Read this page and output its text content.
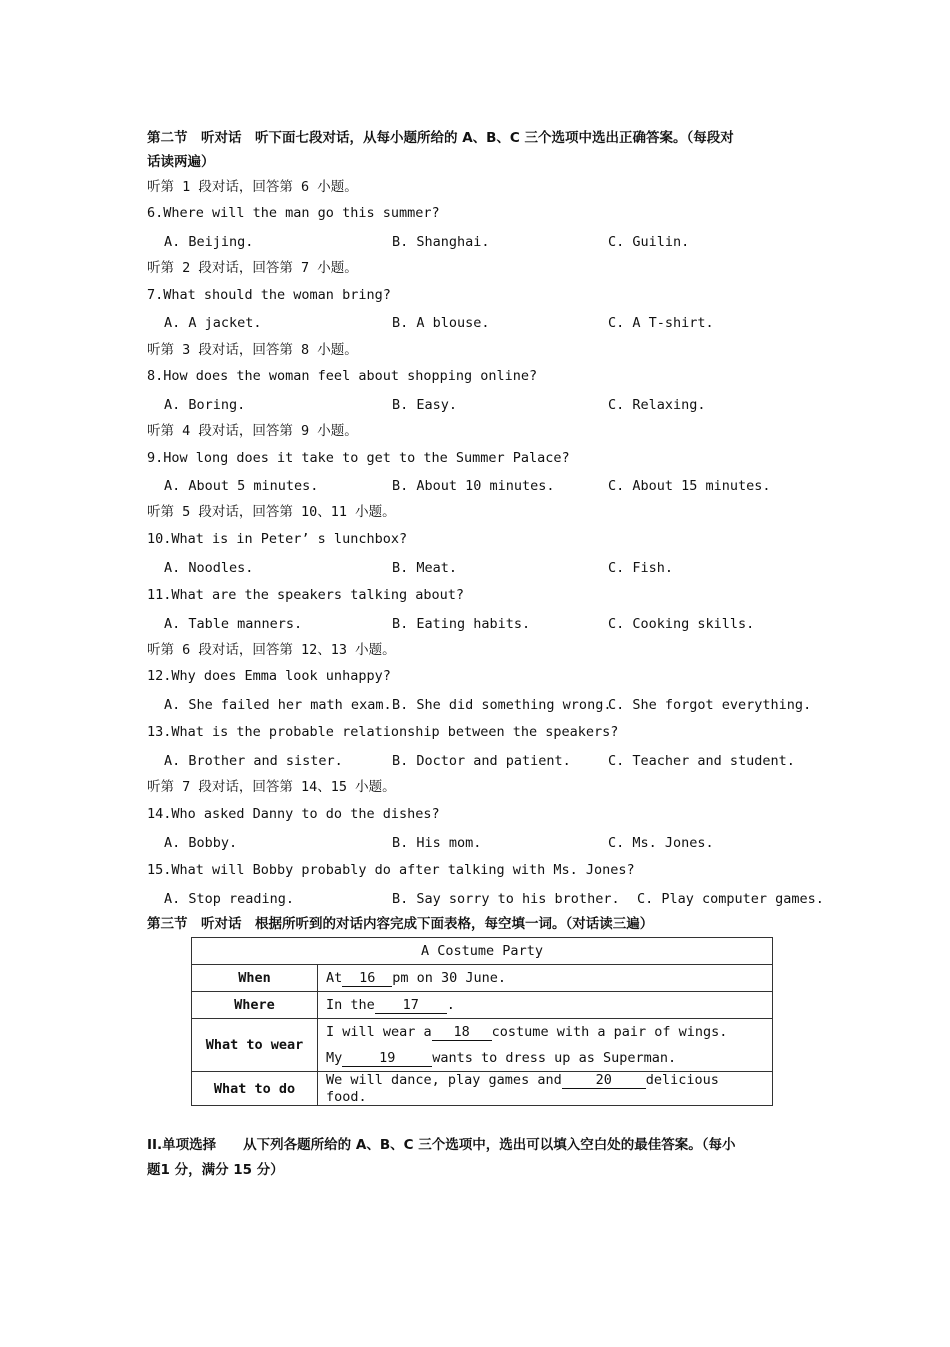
第二节　听对话　听下面七段对话，从每小题所给的 A、B、C 三个选项中选出正确答案。（每段对
话读两遍）
听第 1 段对话，回答第 6 小题。
6.Where will the man go this summer?
A. Beijing.	B. Shanghai.	C. Guilin.
听第 2 段对话，回答第 7 小题。
7.What should the woman bring?
A. A jacket.	B. A blouse.	C. A T-shirt.
听第 3 段对话，回答第 8 小题。
8.How does the woman feel about shopping online?
A. Boring.	B. Easy.	C. Relaxing.
听第 4 段对话，回答第 9 小题。
9.How long does it take to get to the Summer Palace?
A. About 5 minutes.	B. About 10 minutes.	C. About 15 minutes.
听第 5 段对话，回答第 10、11 小题。
10.What is in Peter’ s lunchbox?
A. Noodles.	B. Meat.	C. Fish.
11.What are the speakers talking about?
A. Table manners.	B. Eating habits.	C. Cooking skills.
听第 6 段对话，回答第 12、13 小题。
12.Why does Emma look unhappy?
A. She failed her math exam. B. She did something wrong.
C. She forgot everything.
13.What is the probable relationship between the speakers?
A. Brother and sister.	B. Doctor and patient.	C. Teacher and student.
听第 7 段对话，回答第 14、15 小题。
14.Who asked Danny to do the dishes?
A. Bobby.	B. His mom.	C. Ms. Jones.
15.What will Bobby probably do after talking with Ms. Jones?
A. Stop reading.	B. Say sorry to his brother. C. Play computer games.
第三节　听对话　根据所听到的对话内容完成下面表格，每空填一词。（对话读三遍）
A Costume Party	
When	At 16 pm on 30 June.
Where	In the 17 .
What to wear	I will wear a 18 costume with a pair of wings.
	My 19 wants to dress up as Superman.
What to do	We will dance, play games and 20 delicious food.
II.单项选择　　从下列各题所给的 A、B、C 三个选项中，选出可以填入空白处的最佳答案。（每小
题1 分，满分 15 分）
